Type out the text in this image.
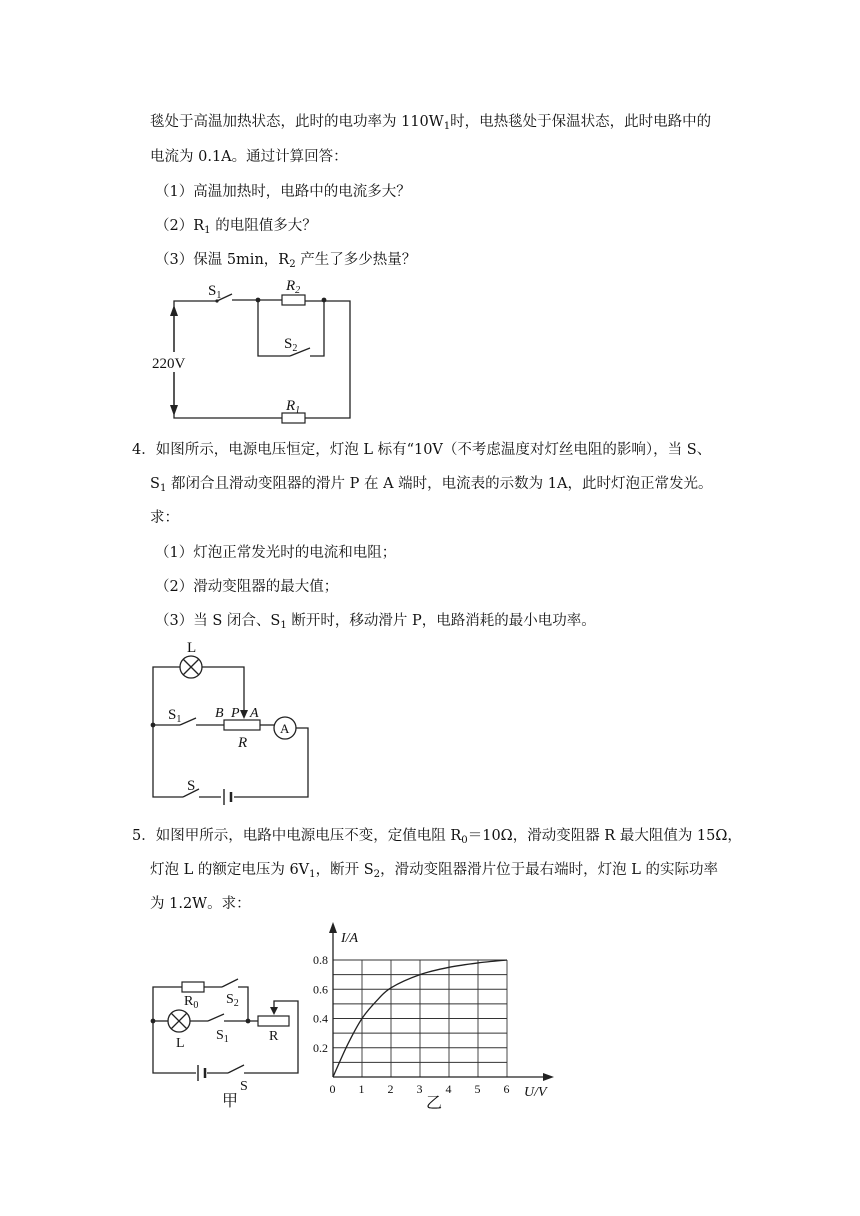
毯处于高温加热状态，此时的电功率为 $110W_1$时，电热毯处于保温状态，此时电路中的
电流为 0.1A。通过计算回答：
（1）高温加热时，电路中的电流多大？
$(2)R_1$ 的电阻值多大？
（3）保温 5min，$R_2$ 产生了多少热量？
$S_1$
$R_2$
$S_2$
220V
$R_1$
4．如图所示，电源电压恒定，灯泡 L 标有“10V（不考虑温度对灯丝电阻的影响），当 S、
$S_1$ 都闭合且滑动变阻器的滑片 P 在 A 端时，电流表的示数为 1A，此时灯泡正常发光。
求：
（1）灯泡正常发光时的电流和电阻；
（2）滑动变阻器的最大值；
（3）当 S 闭合、$S_1$ 断开时，移动滑片 P，电路消耗的最小电功率。
A
L
$S_1$ B P A
R
S
5．如图甲所示，电路中电源电压不变，定值电阻 $R_0=10\Omega$，滑动变阻器 R 最大阻值为 15Ω，
灯泡 L 的额定电压为 $6V_1$，断开 $S_2$，滑动变阻器滑片位于最右端时，灯泡 L 的实际功率
为 1.2W。求：
$R_0$ $S_2$
$S_1$
L	R
S
甲
0 1 2 3 4 5 6
0.2
0.4
0.6
0.8
I/A
U/V
乙
